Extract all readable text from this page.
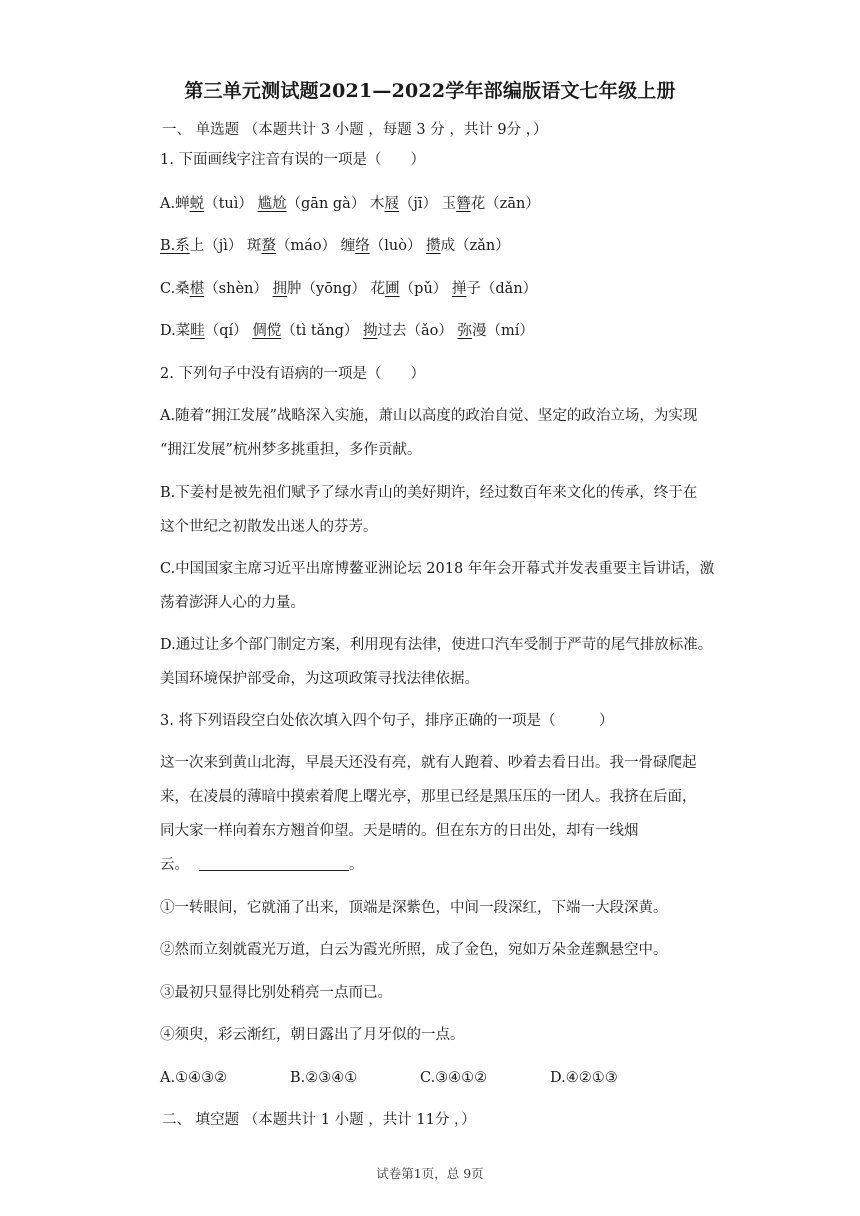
第三单元测试题2021—2022学年部编版语文七年级上册
一、 单选题 （本题共计 3 小题 ，每题 3 分 ，共计 9分 ，）
1. 下面画线字注音有误的一项是（　　）
A.蝉蜕（tuì） 尴尬（gān gà） 木屐（jī） 玉簪花（zān）
B.系上（jì） 斑蝥（máo） 缠络（luò） 攒成（zǎn）
C.桑椹（shèn） 拥肿（yōng） 花圃（pǔ） 掸子（dǎn）
D.菜畦（qí） 倜傥（tì tǎng） 拗过去（ǎo） 弥漫（mí）
2. 下列句子中没有语病的一项是（　　）
A.随着“拥江发展”战略深入实施，萧山以高度的政治自觉、坚定的政治立场，为实现
“拥江发展”杭州梦多挑重担，多作贡献。
B.下姜村是被先祖们赋予了绿水青山的美好期许，经过数百年来文化的传承，终于在
这个世纪之初散发出迷人的芬芳。
C.中国国家主席习近平出席博鳌亚洲论坛 2018 年年会开幕式并发表重要主旨讲话，激
荡着澎湃人心的力量。
D.通过让多个部门制定方案，利用现有法律，使进口汽车受制于严苛的尾气排放标准。
美国环境保护部受命，为这项政策寻找法律依据。
3. 将下列语段空白处依次填入四个句子，排序正确的一项是（　　　）
这一次来到黄山北海，早晨天还没有亮，就有人跑着、吵着去看日出。我一骨碌爬起
来，在凌晨的薄暗中摸索着爬上曙光亭，那里已经是黑压压的一团人。我挤在后面，
同大家一样向着东方翘首仰望。天是晴的。但在东方的日出处，却有一线烟
云。	。
①一转眼间，它就涌了出来，顶端是深紫色，中间一段深红，下端一大段深黄。
②然而立刻就霞光万道，白云为霞光所照，成了金色，宛如万朵金莲飘悬空中。
③最初只显得比别处稍亮一点而已。
④须臾，彩云渐红，朝日露出了月牙似的一点。
A.①④③②	B.②③④①	C.③④①②	D.④②①③
二、 填空题 （本题共计 1 小题 ，共计 11分 ，）
试卷第1页，总 9页
